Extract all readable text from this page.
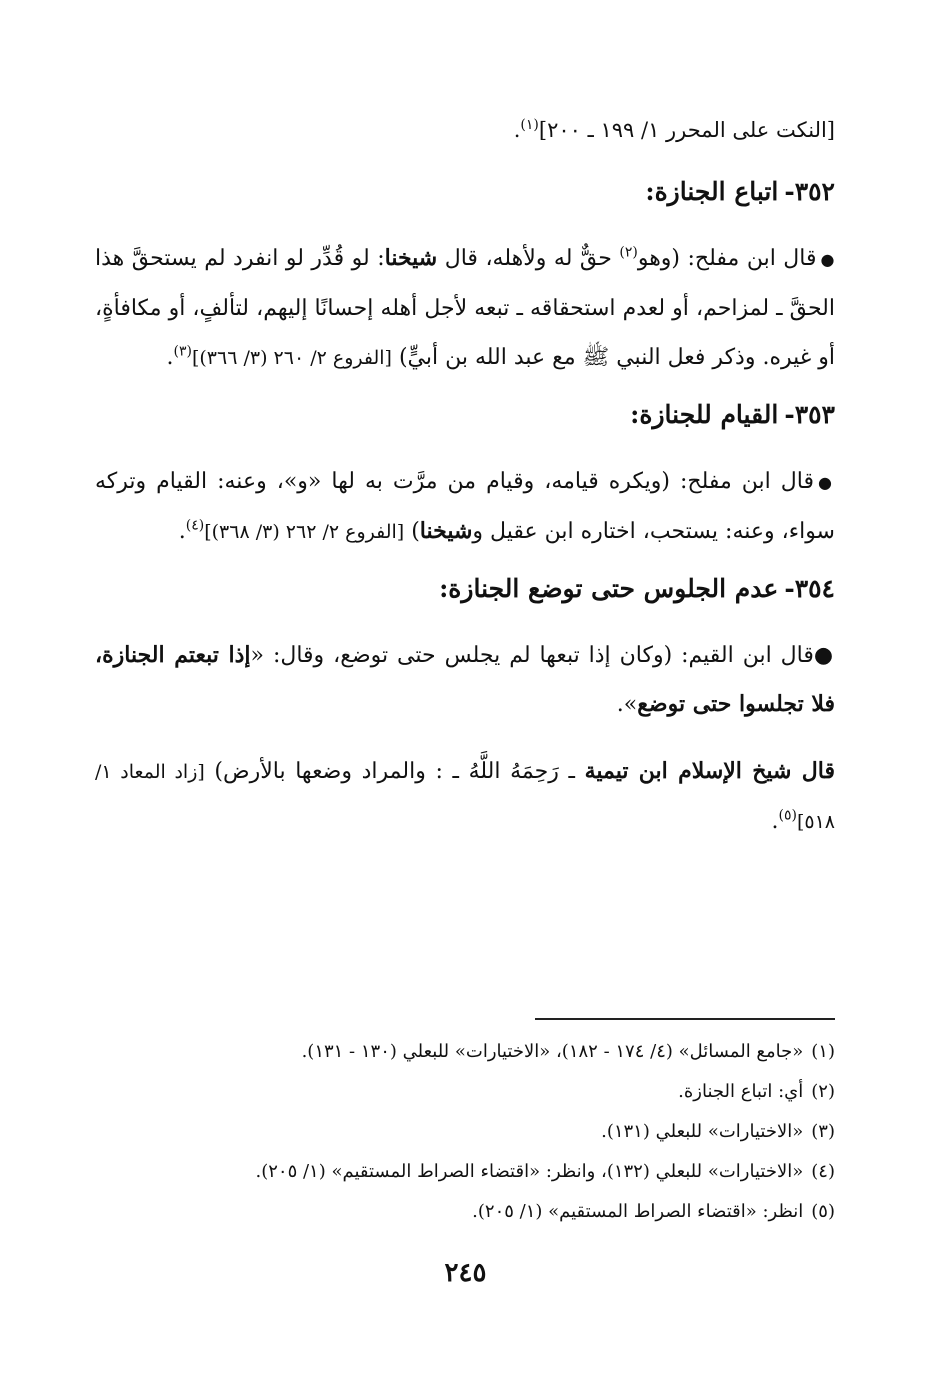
[النكت على المحرر ١/ ١٩٩ ـ ٢٠٠]$^{(١)}$.

٣٥٢-اتباع الجنازة:

●قال ابن مفلح: (وهو$^{(٢)}$ حقٌّ له ولأهله، قال شيخنا: لو قُدِّر لو انفرد لم يستحقَّ هذا الحقَّ ـ لمزاحم، أو لعدم استحقاقه ـ تبعه لأجل أهله إحسانًا إليهم، لتألفٍ، أو مكافأةٍ، أو غيره. وذكر فعل النبي ﷺ مع عبد الله بن أبيٍّ) [الفروع ٢/ ٢٦٠ (٣/ ٣٦٦)]$^{(٣)}$.

٣٥٣-القيام للجنازة:

●قال ابن مفلح: (ويكره قيامه، وقيام من مرَّت به لها «و»، وعنه: القيام وتركه سواء، وعنه: يستحب، اختاره ابن عقيل وشيخنا) [الفروع ٢/ ٢٦٢ (٣/ ٣٦٨)]$^{(٤)}$.

٣٥٤-عدم الجلوس حتى توضع الجنازة:

●قال ابن القيم: (وكان إذا تبعها لم يجلس حتى توضع، وقال: «إذا تبعتم الجنازة، فلا تجلسوا حتى توضع».

قال شيخ الإسلام ابن تيمية ـ رَحِمَهُ اللَّهُ ـ : والمراد وضعها بالأرض) [زاد المعاد ١/ ٥١٨]$^{(٥)}$.

(١)«جامع المسائل» (٤/ ١٧٤ - ١٨٢)، «الاختيارات» للبعلي (١٣٠ - ١٣١).

(٢)أي: اتباع الجنازة.

(٣)«الاختيارات» للبعلي (١٣١).

(٤)«الاختيارات» للبعلي (١٣٢)، وانظر: «اقتضاء الصراط المستقيم» (١/ ٢٠٥).

(٥)انظر: «اقتضاء الصراط المستقيم» (١/ ٢٠٥).

٢٤٥
